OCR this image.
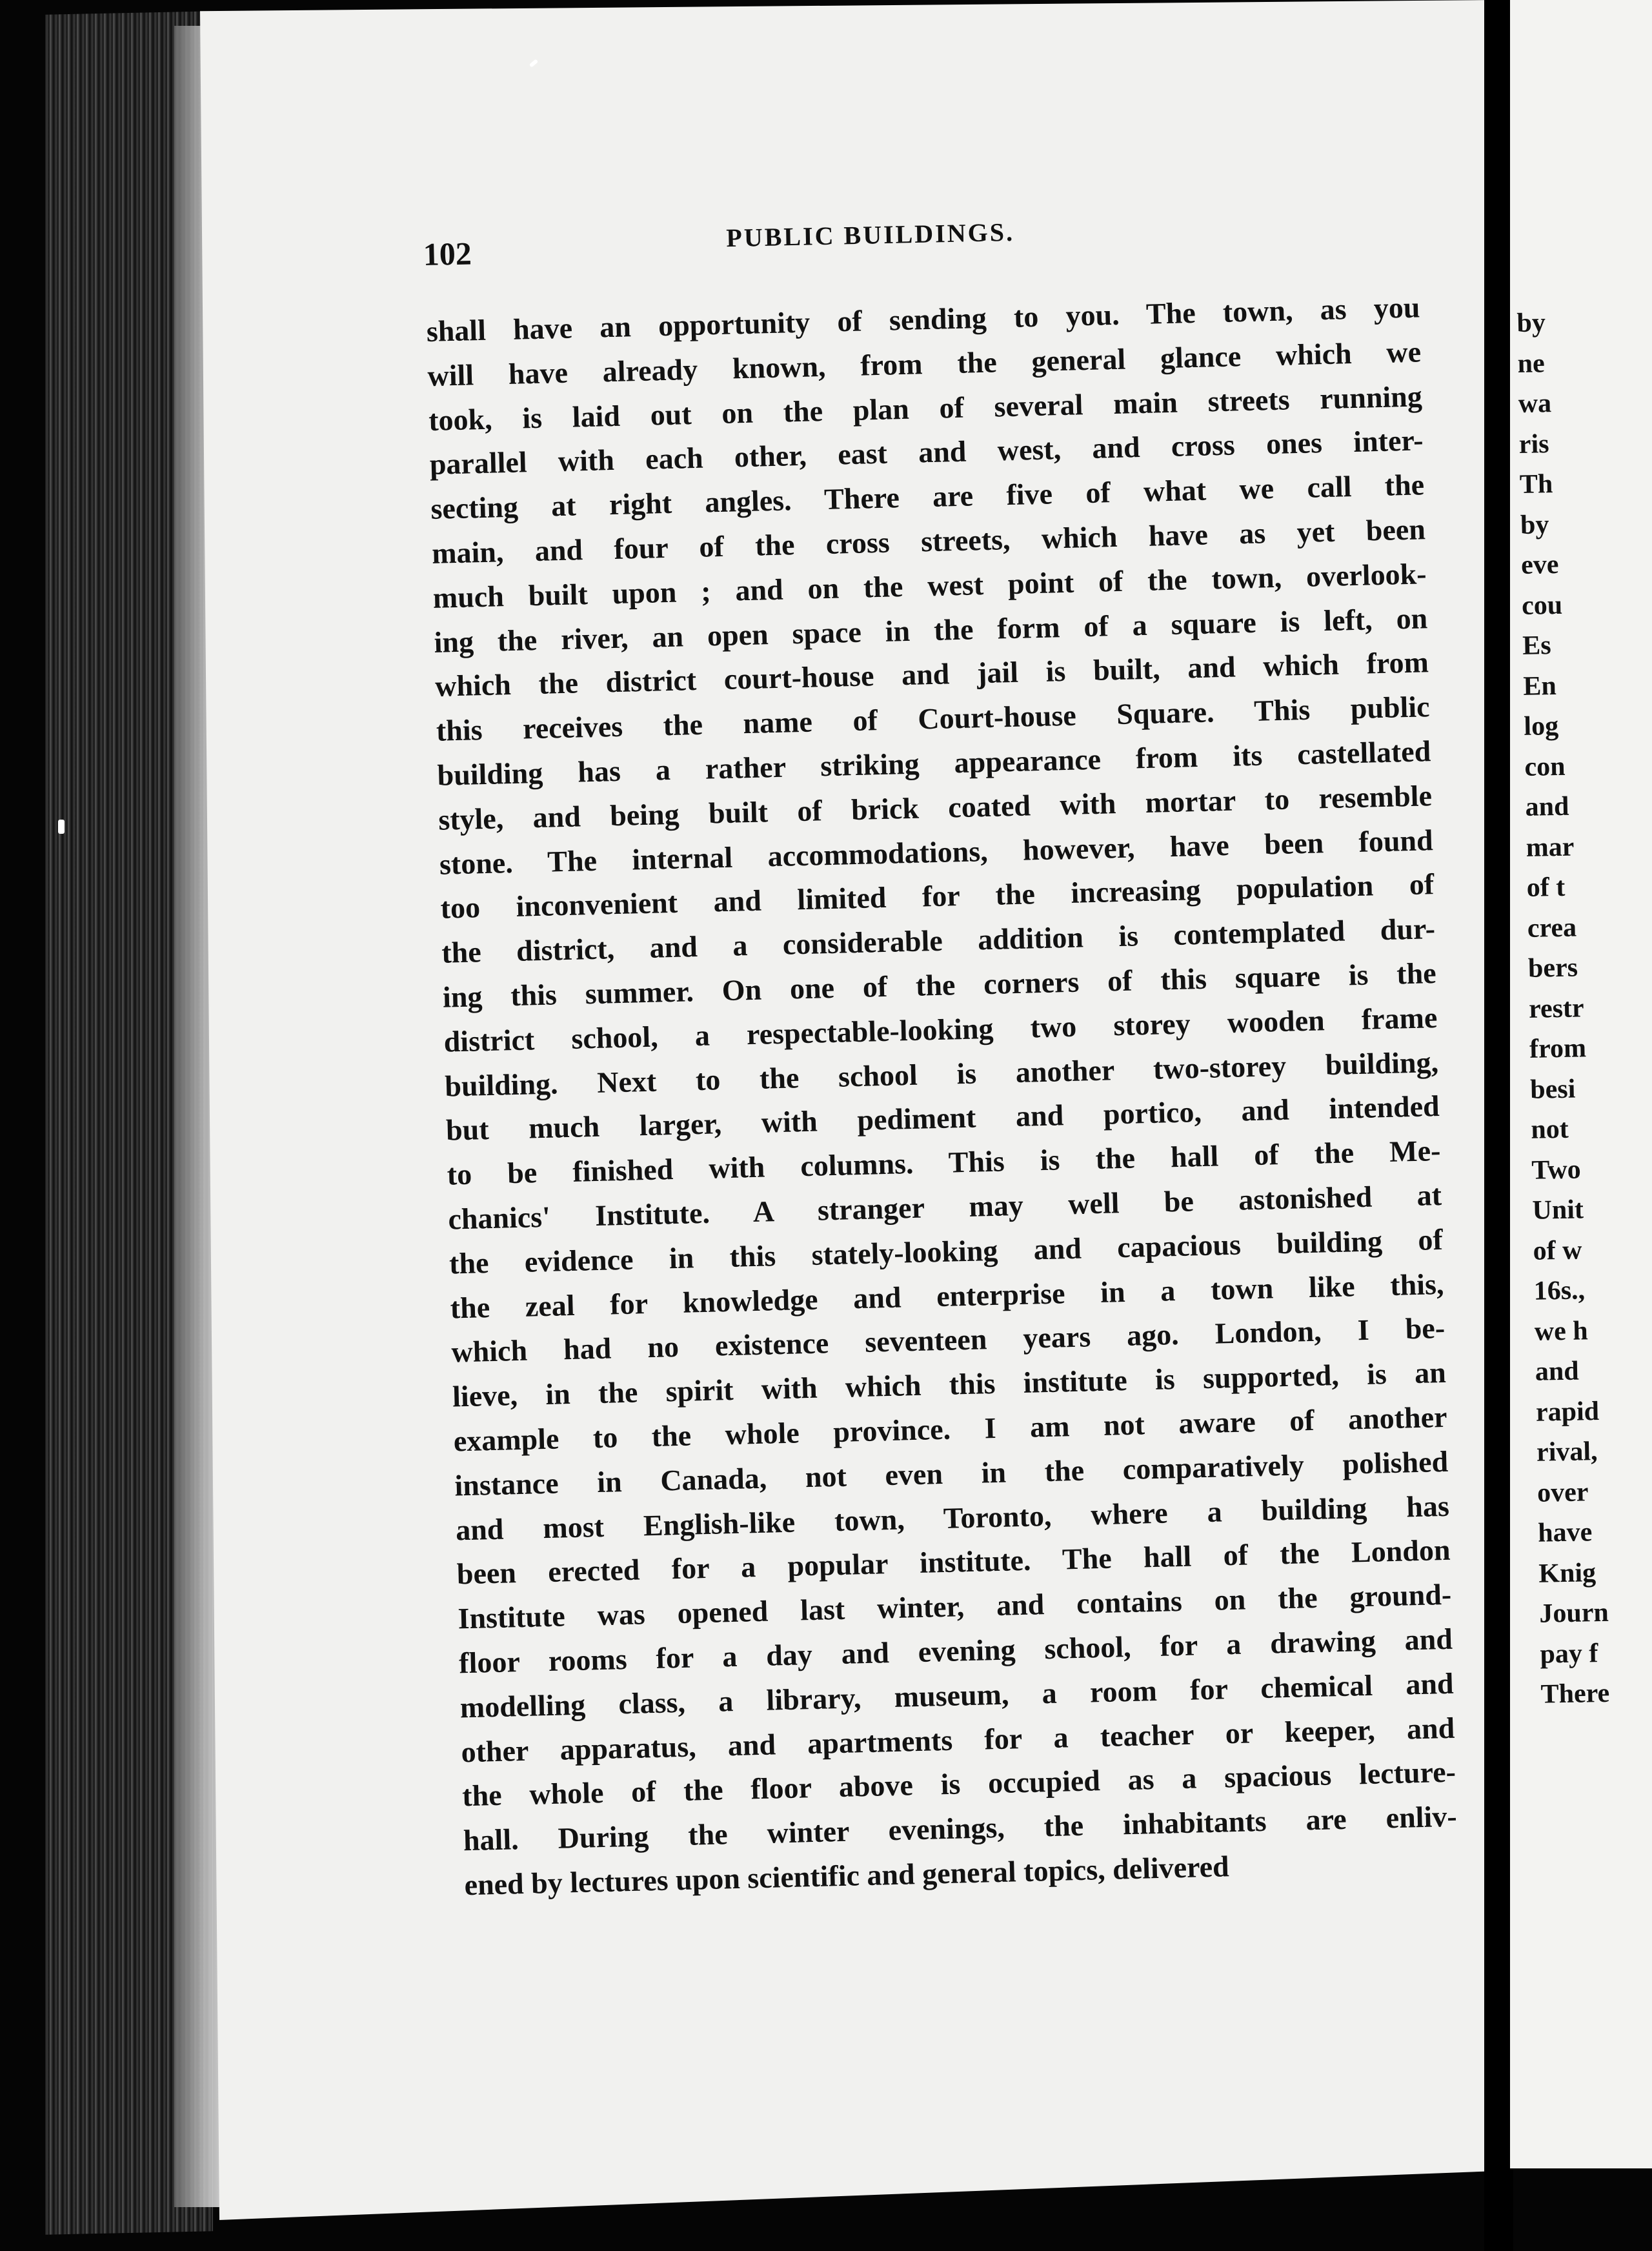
102
PUBLIC BUILDINGS.
shall have an opportunity of sending to you. The town, as you
will have already known, from the general glance which we
took, is laid out on the plan of several main streets running
parallel with each other, east and west, and cross ones inter-
secting at right angles. There are five of what we call the
main, and four of the cross streets, which have as yet been
much built upon ; and on the west point of the town, overlook-
ing the river, an open space in the form of a square is left, on
which the district court-house and jail is built, and which from
this receives the name of Court-house Square. This public
building has a rather striking appearance from its castellated
style, and being built of brick coated with mortar to resemble
stone. The internal accommodations, however, have been found
too inconvenient and limited for the increasing population of
the district, and a considerable addition is contemplated dur-
ing this summer. On one of the corners of this square is the
district school, a respectable-looking two storey wooden frame
building. Next to the school is another two-storey building,
but much larger, with pediment and portico, and intended
to be finished with columns. This is the hall of the Me-
chanics' Institute. A stranger may well be astonished at
the evidence in this stately-looking and capacious building of
the zeal for knowledge and enterprise in a town like this,
which had no existence seventeen years ago. London, I be-
lieve, in the spirit with which this institute is supported, is an
example to the whole province. I am not aware of another
instance in Canada, not even in the comparatively polished
and most English-like town, Toronto, where a building has
been erected for a popular institute. The hall of the London
Institute was opened last winter, and contains on the ground-
floor rooms for a day and evening school, for a drawing and
modelling class, a library, museum, a room for chemical and
other apparatus, and apartments for a teacher or keeper, and
the whole of the floor above is occupied as a spacious lecture-
hall. During the winter evenings, the inhabitants are enliv-
ened by lectures upon scientific and general topics, delivered
by
ne
wa
ris
Th
by
eve
cou
Es
En
log
con
and
mar
of t
crea
bers
restr
from
besi
not
Two
Unit
of w
16s.,
we h
and
rapid
rival,
over
have
Knig
Journ
pay f
There
